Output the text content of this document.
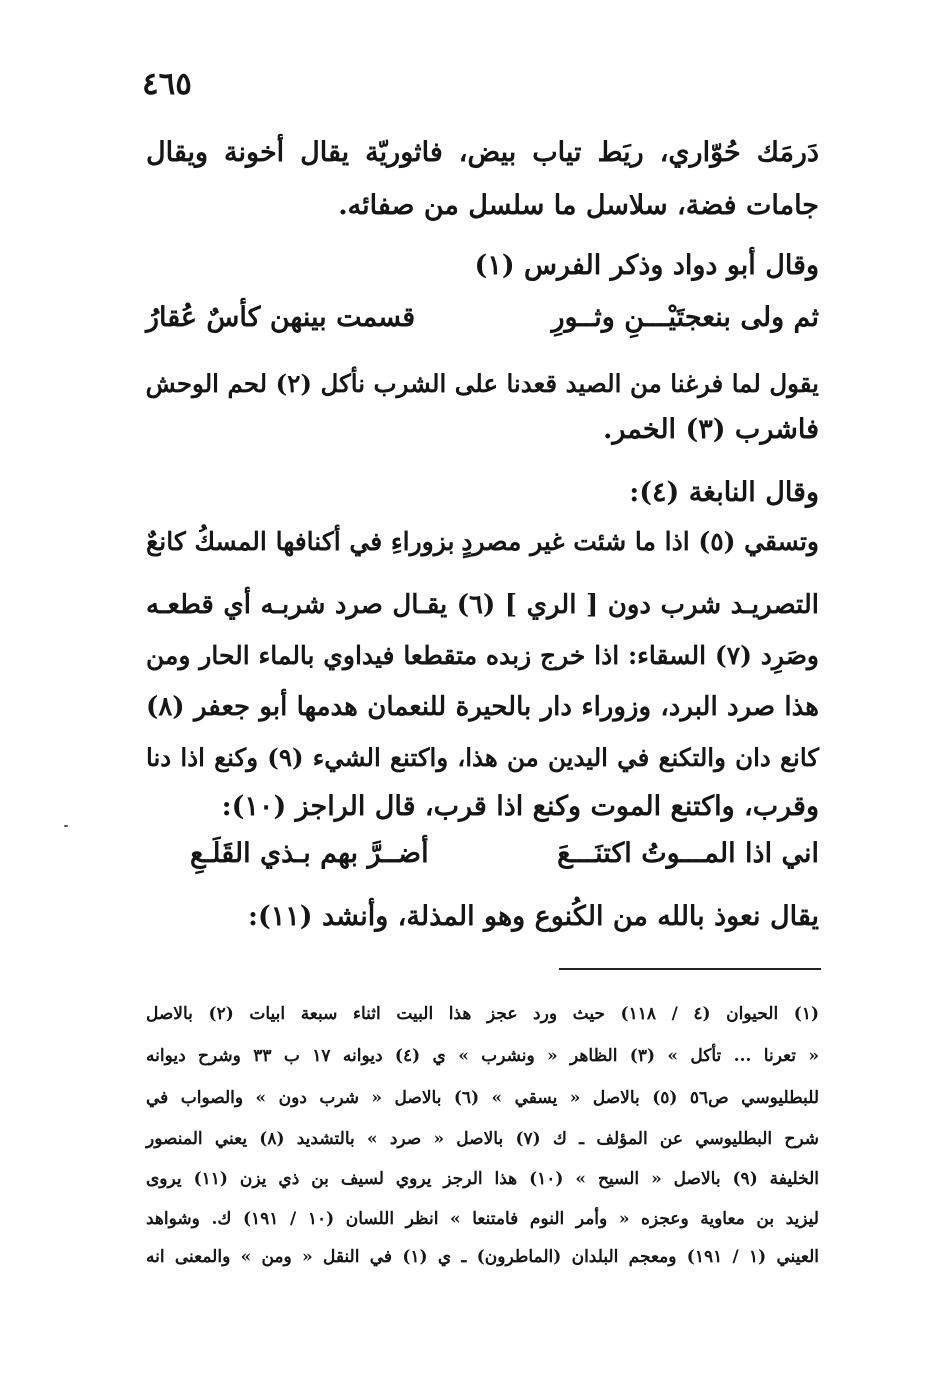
٤٦٥
دَرمَك حُوّاري، ريَط تياب بيض، فاثوريّة يقال أخونة ويقال
جامات فضة، سلاسل ما سلسل من صفائه.
وقال أبو دواد وذكر الفرس (١)
ثم ولى بنعجتَيْـــنِ وثــورِ
قسمت بينهن كأسٌ عُقارُ
يقول لما فرغنا من الصيد قعدنا على الشرب نأكل (٢) لحم الوحش
فاشرب (٣) الخمر.
وقال النابغة (٤):
وتسقي (٥) اذا ما شئت غير مصردٍ
بزوراءِ في أكنافها المسكُ كانعٌ
التصريـد شرب دون [ الري ] (٦) يقـال صرد شربـه أي قطعـه
وصَرِد (٧) السقاء: اذا خرج زبده متقطعا فيداوي بالماء الحار ومن
هذا صرد البرد، وزوراء دار بالحيرة للنعمان هدمها أبو جعفر (٨)
كانع دان والتكنع في اليدين من هذا، واكتنع الشيء (٩) وكنع اذا دنا
وقرب، واكتنع الموت وكنع اذا قرب، قال الراجز (١٠):
اني اذا المـــوتُ اكتنَـــعَ
أضــرَّ بهم بـذي القَلَـعِ
يقال نعوذ بالله من الكُنوع وهو المذلة، وأنشد (١١):
(١) الحيوان (٤ / ١١٨) حيث ورد عجز هذا البيت اثناء سبعة ابيات (٢) بالاصل
« تعرنا ... تأكل » (٣) الظاهر « ونشرب » ي (٤) ديوانه ١٧ ب ٣٣ وشرح ديوانه
للبطليوسي ص٥٦ (٥) بالاصل « يسقي » (٦) بالاصل « شرب دون » والصواب في
شرح البطليوسي عن المؤلف ـ ك (٧) بالاصل « صرد » بالتشديد (٨) يعني المنصور
الخليفة (٩) بالاصل « السيح » (١٠) هذا الرجز يروي لسيف بن ذي يزن (١١) يروى
ليزيد بن معاوية وعجزه « وأمر النوم فامتنعا » انظر اللسان (١٠ / ١٩١) ك. وشواهد
العيني (١ / ١٩١) ومعجم البلدان (الماطرون) ـ ي (١) في النقل « ومن » والمعنى انه
